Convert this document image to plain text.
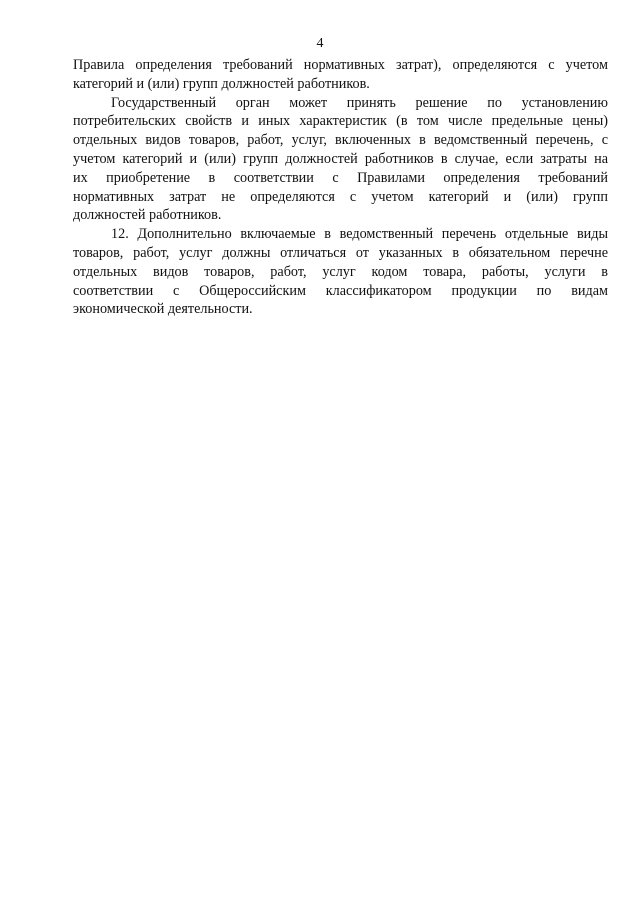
4

Правила определения требований нормативных затрат), определяются с учетом
категорий и (или) групп должностей работников.

Государственный орган может принять решение по установлению
потребительских свойств и иных характеристик (в том числе предельные цены)
отдельных видов товаров, работ, услуг, включенных в ведомственный перечень, с
учетом категорий и (или) групп должностей работников в случае, если затраты на
их приобретение в соответствии с Правилами определения требований
нормативных затрат не определяются с учетом категорий и (или) групп
должностей работников.

12. Дополнительно включаемые в ведомственный перечень отдельные виды
товаров, работ, услуг должны отличаться от указанных в обязательном перечне
отдельных видов товаров, работ, услуг кодом товара, работы, услуги в
соответствии с Общероссийским классификатором продукции по видам
экономической деятельности.
